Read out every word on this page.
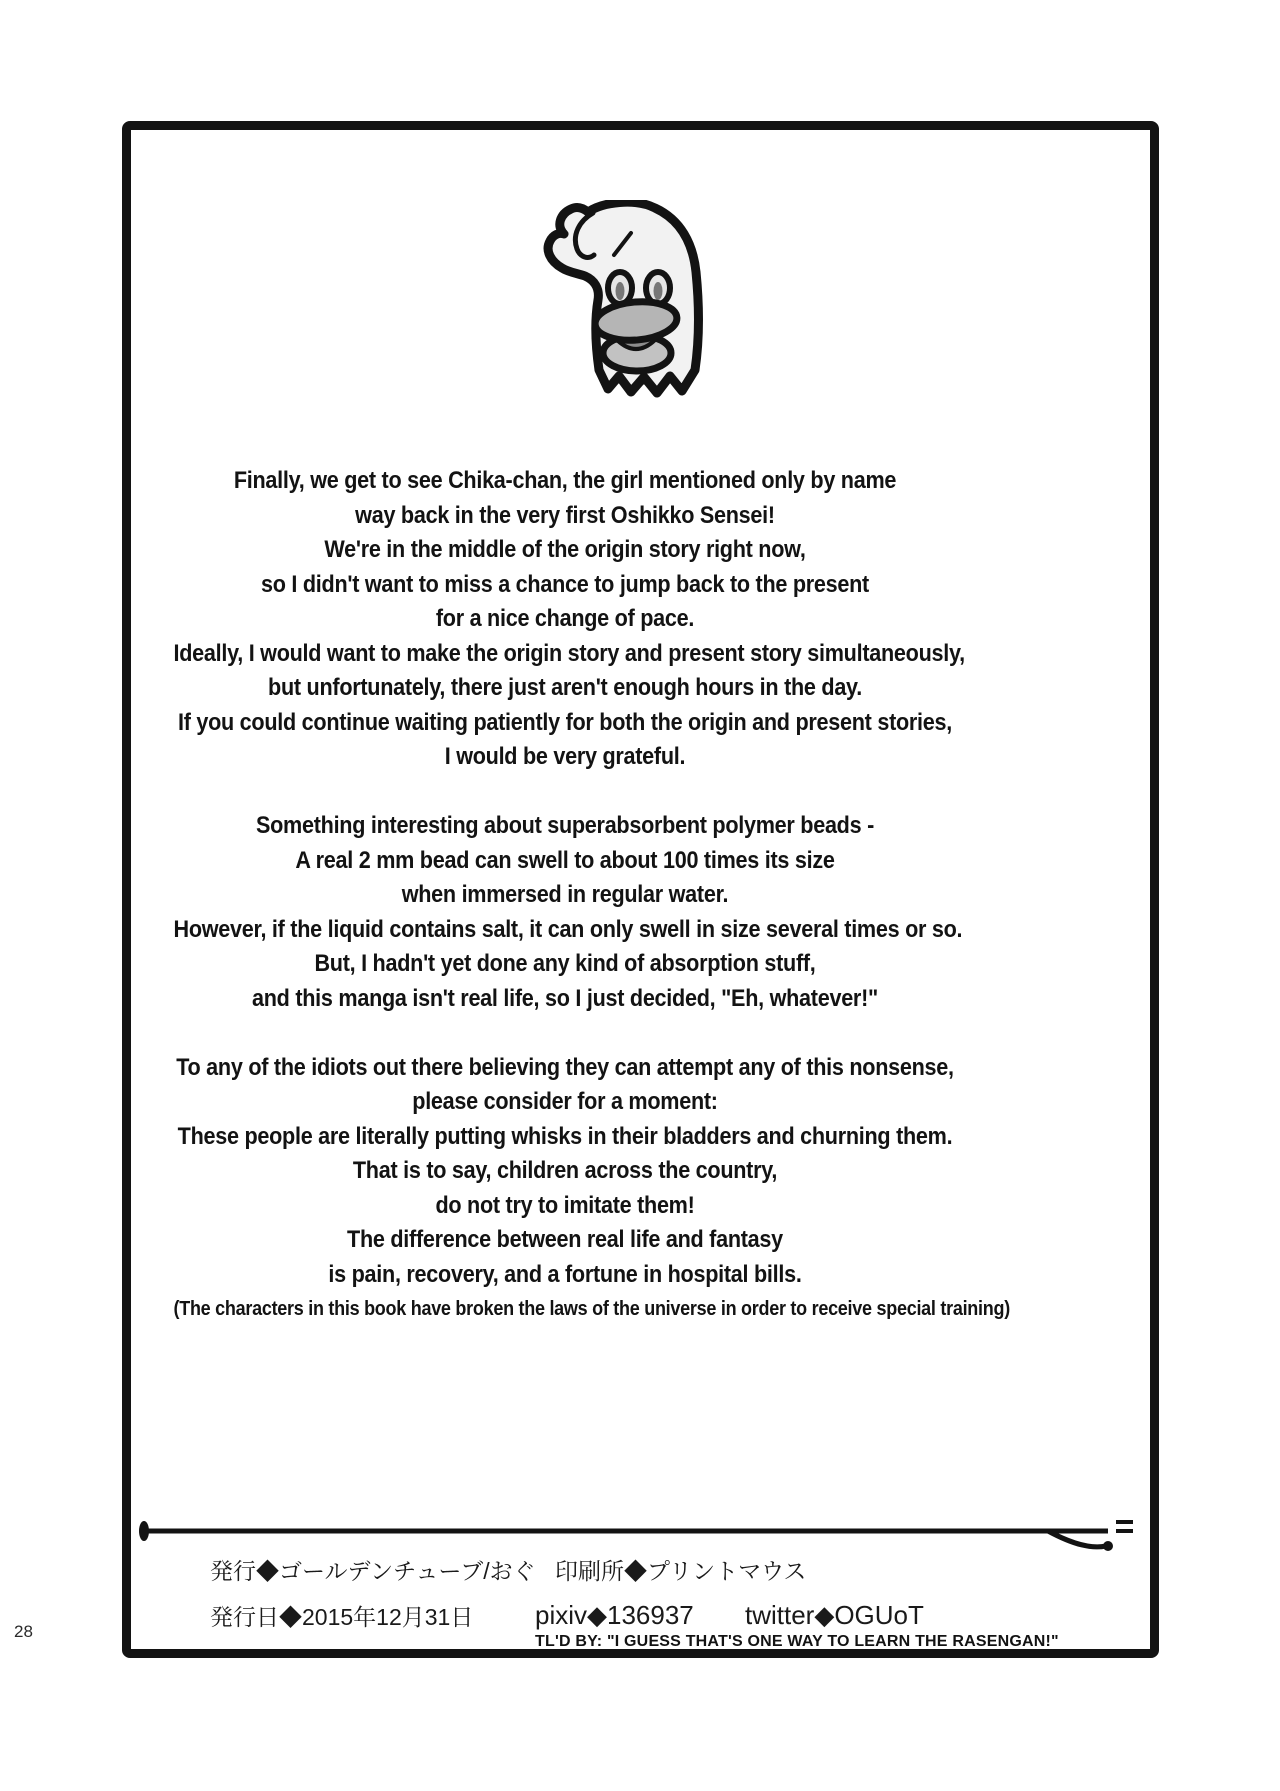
Finally, we get to see Chika-chan, the girl mentioned only by name
way back in the very first Oshikko Sensei!
We're in the middle of the origin story right now,
so I didn't want to miss a chance to jump back to the present
for a nice change of pace.
Ideally, I would want to make the origin story and present story simultaneously,
but unfortunately, there just aren't enough hours in the day.
If you could continue waiting patiently for both the origin and present stories,
I would be very grateful.
Something interesting about superabsorbent polymer beads -
A real 2 mm bead can swell to about 100 times its size
when immersed in regular water.
However, if the liquid contains salt, it can only swell in size several times or so.
But, I hadn't yet done any kind of absorption stuff,
and this manga isn't real life, so I just decided, "Eh, whatever!"
To any of the idiots out there believing they can attempt any of this nonsense,
please consider for a moment:
These people are literally putting whisks in their bladders and churning them.
That is to say, children across the country,
do not try to imitate them!
The difference between real life and fantasy
is pain, recovery, and a fortune in hospital bills.
(The characters in this book have broken the laws of the universe in order to receive special training)
発行◆ゴールデンチューブ/おぐ 印刷所◆プリントマウス
発行日◆2015年12月31日 pixiv◆136937 twitter◆OGUoT
TL'D BY: "I GUESS THAT'S ONE WAY TO LEARN THE RASENGAN!"
28
